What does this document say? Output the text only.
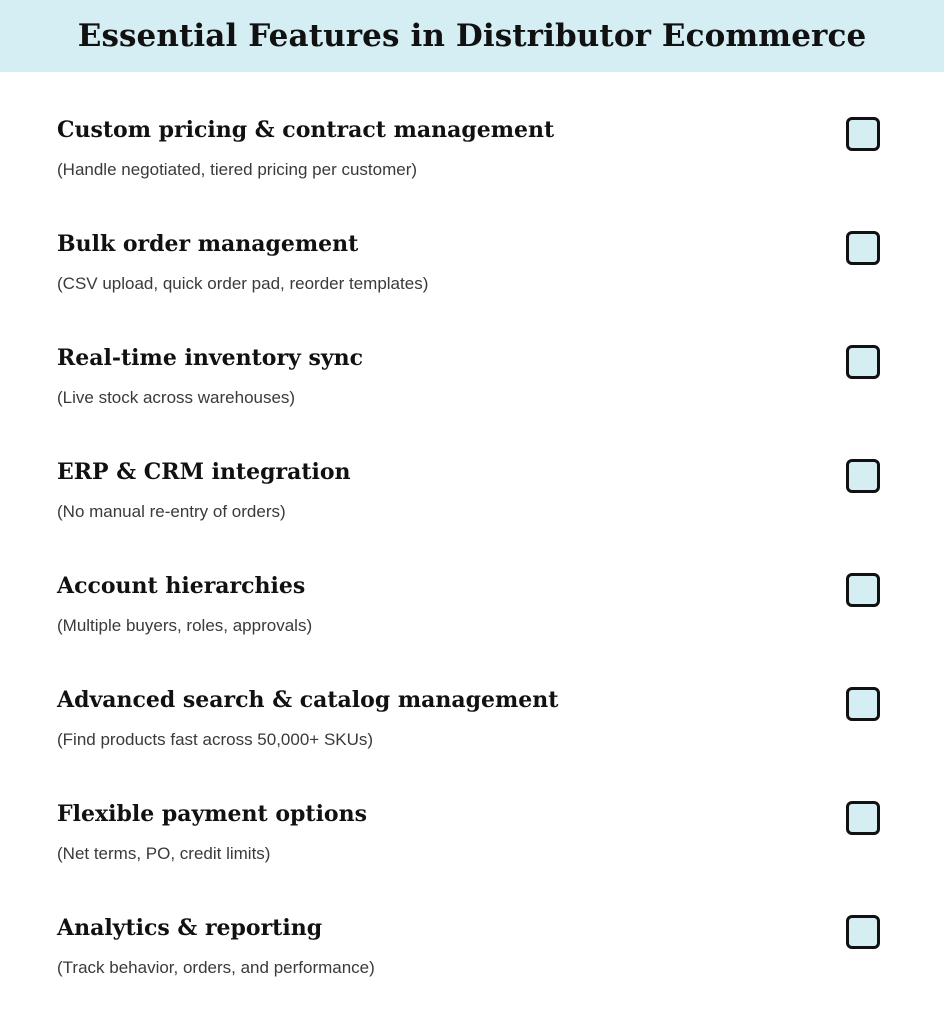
Essential Features in Distributor Ecommerce
Custom pricing & contract management
(Handle negotiated, tiered pricing per customer)
Bulk order management
(CSV upload, quick order pad, reorder templates)
Real-time inventory sync
(Live stock across warehouses)
ERP & CRM integration
(No manual re-entry of orders)
Account hierarchies
(Multiple buyers, roles, approvals)
Advanced search & catalog management
(Find products fast across 50,000+ SKUs)
Flexible payment options
(Net terms, PO, credit limits)
Analytics & reporting
(Track behavior, orders, and performance)
